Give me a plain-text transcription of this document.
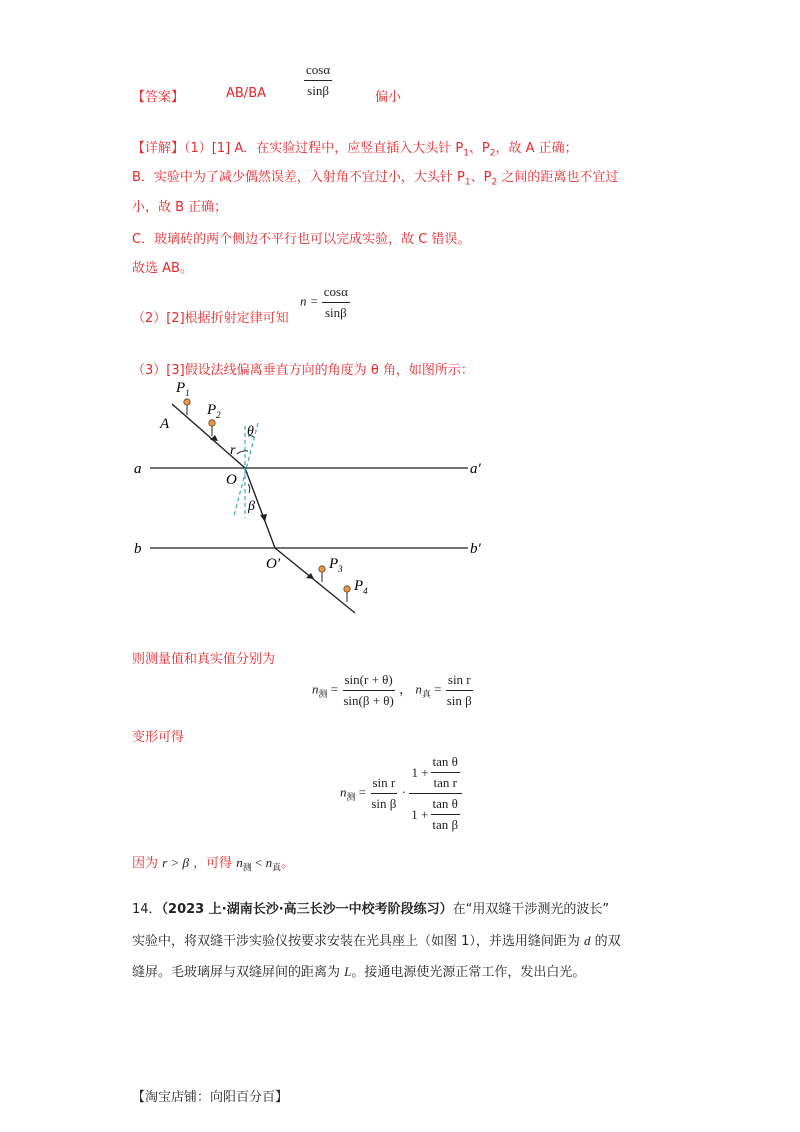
【答案】	AB/BA	$\frac{\cos\alpha}{\sin\beta}$	偏小
【详解】（1）[1] A．在实验过程中，应竖直插入大头针 $P_1$、$P_2$，故 A 正确；
B．实验中为了减少偶然误差，入射角不宜过小，大头针 $P_1$、$P_2$ 之间的距离也不宜过
小，故 B 正确；
C．玻璃砖的两个侧边不平行也可以完成实验，故 C 错误。
故选 AB。
（2）[2]根据折射定律可知
$n = \frac{\cos\alpha}{\sin\beta}$
（3）[3]假设法线偏离垂直方向的角度为 θ 角，如图所示：
$P_1$
$P_2$
A
r
θ
a	a′
O
β
b	b′
O′	$P_3$
$P_4$
则测量值和真实值分别为
$n_测 = \frac{\sin(r + \theta)}{\sin(\beta + \theta)}$ ， $n_真 = \frac{\text{sin r}}{\text{sin β}}$
变形可得
$n_测 = \frac{\text{sin r}}{\text{sin β}} \cdot \frac{1 + \frac{\text{tan θ}}{\text{tan r}}}{1 + \frac{\text{tan θ}}{\text{tan β}}}$
因为 r > β ，可得 $n_测 < n_真$。
14．（2023 上·湖南长沙·高三长沙一中校考阶段练习）在“用双缝干涉测光的波长”
实验中，将双缝干涉实验仪按要求安装在光具座上（如图 1），并选用缝间距为 d 的双
缝屏。毛玻璃屏与双缝屏间的距离为 L。接通电源使光源正常工作，发出白光。
【淘宝店铺：向阳百分百】
